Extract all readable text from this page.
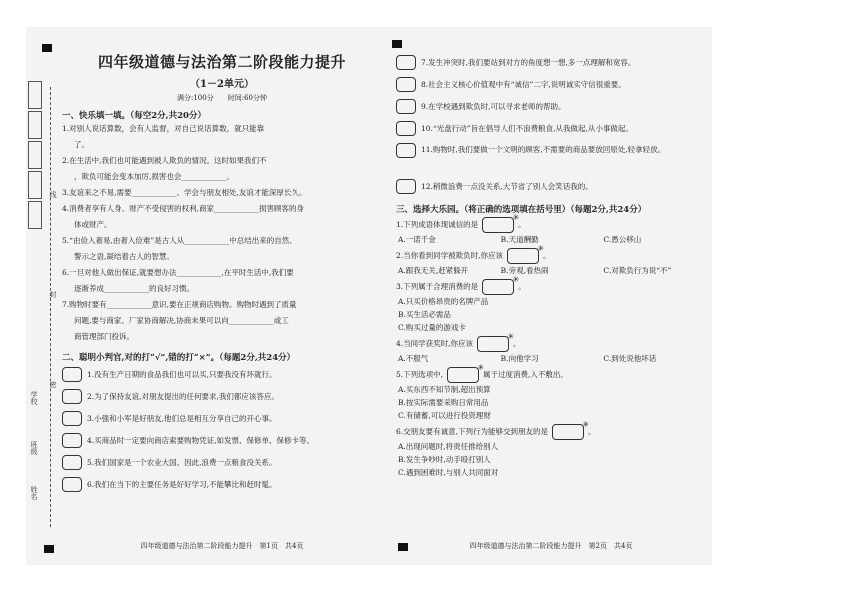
线
封
密
学校
班级
姓名
四年级道德与法治第二阶段能力提升
（1－2单元）
满分:100分　　时间:60分钟
一、快乐填一填。（每空2分,共20分）
1.对别人说话算数，会有人监督，对自己说话算数，就只能靠
了。
2.在生活中,我们也可能遇到被人欺负的情况。这时如果我们不
，欺负可能会变本加厉,损害也会____________。
3.友谊来之不易,需要____________、学会与朋友相处,友谊才能深厚长久。
4.消费者享有人身、财产不受侵害的权利,商家____________损害顾客的身
体或财产。
5.“由俭入奢易,由奢入俭难”是古人从____________中总结出来的自然、
警示之语,凝结着古人的智慧。
6.一旦对他人做出保证,就要想办法____________,在平时生活中,我们要
逐渐养成____________的良好习惯。
7.购物时要有____________意识,要在正规商店购物。购物时遇到了质量
问题,要与商家、厂家协商解决,协商未果可以向____________或工
商管理部门投诉。
二、聪明小判官,对的打“√”,错的打“×”。（每题2分,共24分）
1.没有生产日期的食品我们也可以买,只要我没有坏就行。
2.为了保持友谊,对朋友提出的任何要求,我们都应该答应。
3.小强和小军是好朋友,他们总是相互分享自己的开心事。
4.买商品时一定要向商店索要购物凭证,如发票、保修单、保修卡等。
5.我们国家是一个农业大国。因此,浪费一点粮食没关系。
6.我们在当下的主要任务是好好学习,不能攀比和赶时髦。
四年级道德与法治第二阶段能力提升　第1页　共4页
7.发生冲突时,我们要站到对方的角度想一想,多一点理解和宽容。
8.社会主义核心价值观中有“诚信”二字,说明诚实守信很重要。
9.在学校遇到欺负时,可以寻求老师的帮助。
10.“光盘行动”旨在倡导人们不浪费粮食,从我做起,从小事做起。
11.购物时,我们要做一个文明的顾客,不需要的商品要放回原处,轻拿轻放。
12.稍微浪费一点没关系,大节省了别人会笑话我的。
三、选择大乐园。（将正确的选项填在括号里）（每题2分,共24分）
1.下列成语体现诚信的是
✳
。
A.一诺千金	B.天道酬勤	C.愚公移山
2.当你看到同学被欺负时,你应该
✳
。
A.跟我无关,赶紧躲开	B.旁观,看热闹	C.对欺负行为说“不”
3.下列属于合理消费的是
✳
。
A.只买价格昂贵的名牌产品
B.买生活必需品
C.购买过量的游戏卡
4.当同学获奖时,你应该
✳
。
A.不服气	B.向他学习	C.到处说他坏话
5.下列选项中,
✳
属于过度消费,入不敷出。
A.买东西不知节制,超出预算
B.按实际需要采购日常用品
C.有储蓄,可以进行投资理财
6.交朋友要有诚意,下列行为能够交到朋友的是
✳
。
A.出现问题时,将责任推给别人
B.发生争吵时,动手殴打别人
C.遇到困难时,与别人共同面对
四年级道德与法治第二阶段能力提升　第2页　共4页
